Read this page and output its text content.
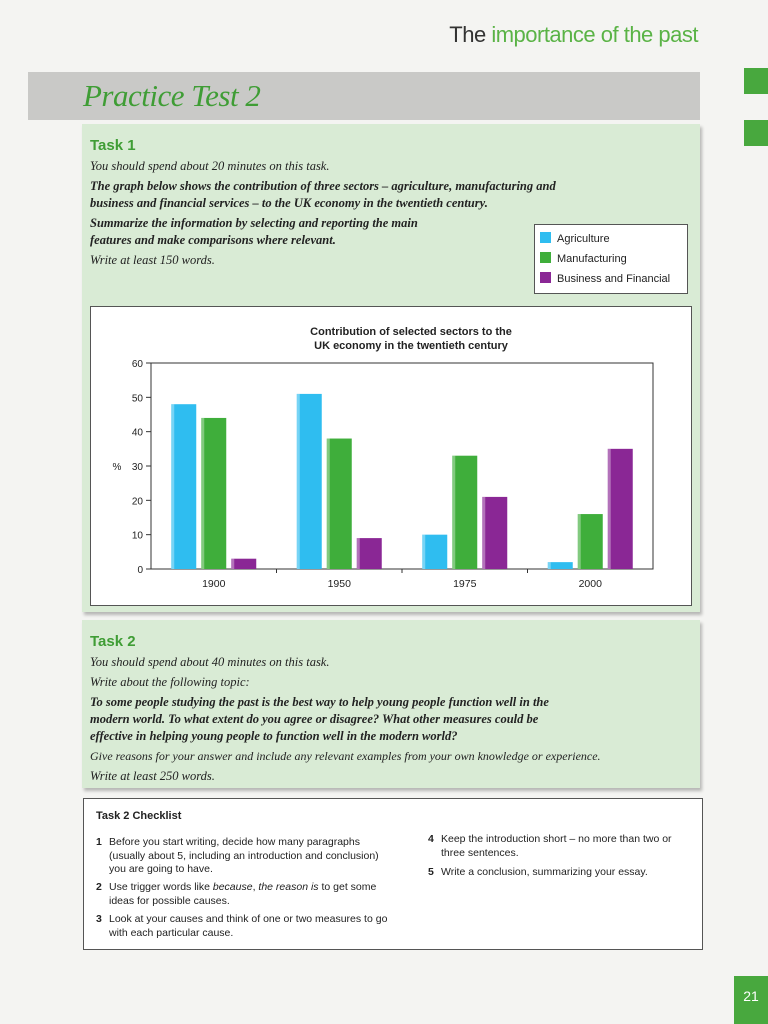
The importance of the past
Practice Test 2

Task 1

You should spend about 20 minutes on this task.

The graph below shows the contribution of three sectors – agriculture, manufacturing and

business and financial services – to the UK economy in the twentieth century.

Summarize the information by selecting and reporting the main

features and make comparisons where relevant.

Write at least 150 words.

Agriculture
Manufacturing
Business and Financial
Contribution of selected sectors to the
UK economy in the twentieth century
0
10
20
30
40
50
60
%
1900	1950	1975	2000

Task 2

You should spend about 40 minutes on this task.

Write about the following topic:

To some people studying the past is the best way to help young people function well in the

modern world. To what extent do you agree or disagree? What other measures could be

effective in helping young people to function well in the modern world?

Give reasons for your answer and include any relevant examples from your own knowledge or experience.

Write at least 250 words.

Task 2 Checklist
1 Before you start writing, decide how many paragraphs (usually about 5, including an introduction and conclusion) you are going to have.
2 Use trigger words like because, the reason is to get some ideas for possible causes.
3 Look at your causes and think of one or two measures to go with each particular cause.
4 Keep the introduction short – no more than two or three sentences.
5 Write a conclusion, summarizing your essay.
21
